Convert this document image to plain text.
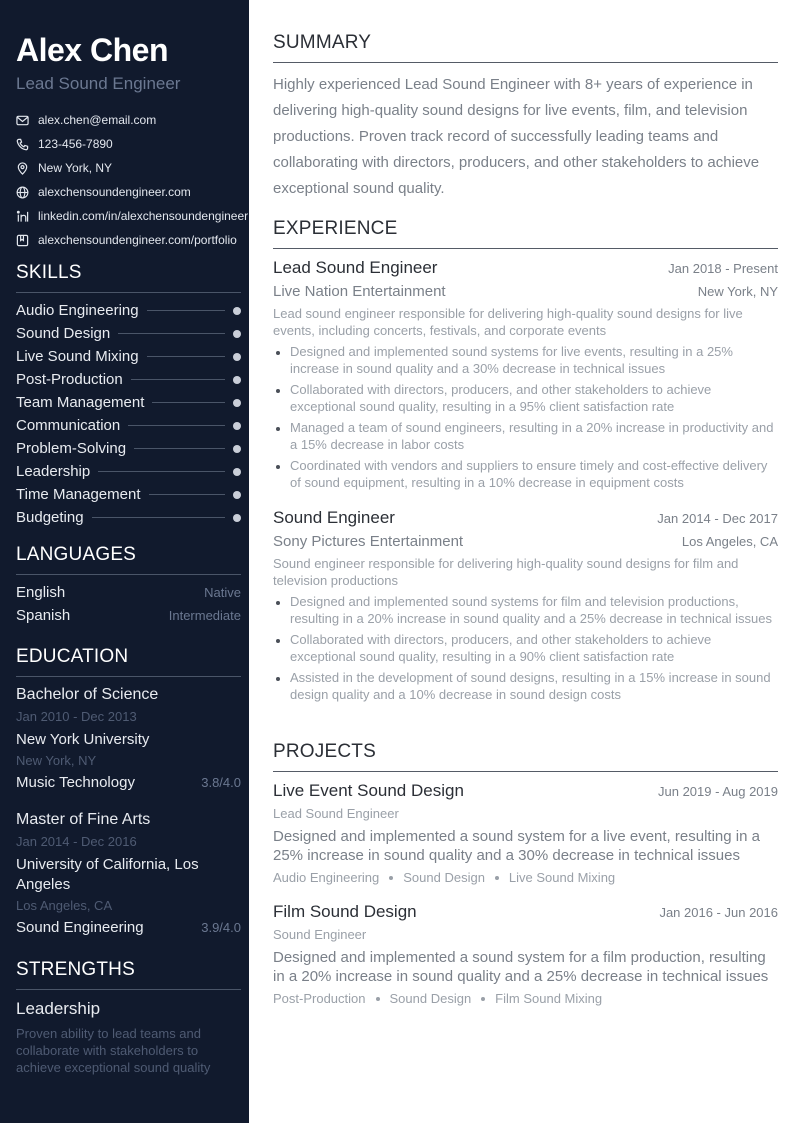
Alex Chen
Lead Sound Engineer
alex.chen@email.com
123-456-7890
New York, NY
alexchensoundengineer.com
linkedin.com/in/alexchensoundengineer
alexchensoundengineer.com/portfolio
SKILLS
Audio Engineering
Sound Design
Live Sound Mixing
Post-Production
Team Management
Communication
Problem-Solving
Leadership
Time Management
Budgeting
LANGUAGES
English	Native
Spanish	Intermediate
EDUCATION
Bachelor of Science
Jan 2010 - Dec 2013
New York University
New York, NY
Music Technology	3.8/4.0
Master of Fine Arts
Jan 2014 - Dec 2016
University of California, Los Angeles
Los Angeles, CA
Sound Engineering	3.9/4.0
STRENGTHS
Leadership
Proven ability to lead teams and collaborate with stakeholders to achieve exceptional sound quality
SUMMARY

Highly experienced Lead Sound Engineer with 8+ years of experience in delivering high-quality sound designs for live events, film, and television productions. Proven track record of successfully leading teams and collaborating with directors, producers, and other stakeholders to achieve exceptional sound quality.

EXPERIENCE
Lead Sound Engineer	Jan 2018 - Present
Live Nation Entertainment	New York, NY
Lead sound engineer responsible for delivering high-quality sound designs for live events, including concerts, festivals, and corporate events
Designed and implemented sound systems for live events, resulting in a 25% increase in sound quality and a 30% decrease in technical issues
Collaborated with directors, producers, and other stakeholders to achieve exceptional sound quality, resulting in a 95% client satisfaction rate
Managed a team of sound engineers, resulting in a 20% increase in productivity and a 15% decrease in labor costs
Coordinated with vendors and suppliers to ensure timely and cost-effective delivery of sound equipment, resulting in a 10% decrease in equipment costs
Sound Engineer	Jan 2014 - Dec 2017
Sony Pictures Entertainment	Los Angeles, CA
Sound engineer responsible for delivering high-quality sound designs for film and television productions
Designed and implemented sound systems for film and television productions, resulting in a 20% increase in sound quality and a 25% decrease in technical issues
Collaborated with directors, producers, and other stakeholders to achieve exceptional sound quality, resulting in a 90% client satisfaction rate
Assisted in the development of sound designs, resulting in a 15% increase in sound design quality and a 10% decrease in sound design costs
PROJECTS
Live Event Sound Design	Jun 2019 - Aug 2019
Lead Sound Engineer
Designed and implemented a sound system for a live event, resulting in a 25% increase in sound quality and a 30% decrease in technical issues
Audio Engineering Sound Design Live Sound Mixing
Film Sound Design	Jan 2016 - Jun 2016
Sound Engineer
Designed and implemented a sound system for a film production, resulting in a 20% increase in sound quality and a 25% decrease in technical issues
Post-Production Sound Design Film Sound Mixing
